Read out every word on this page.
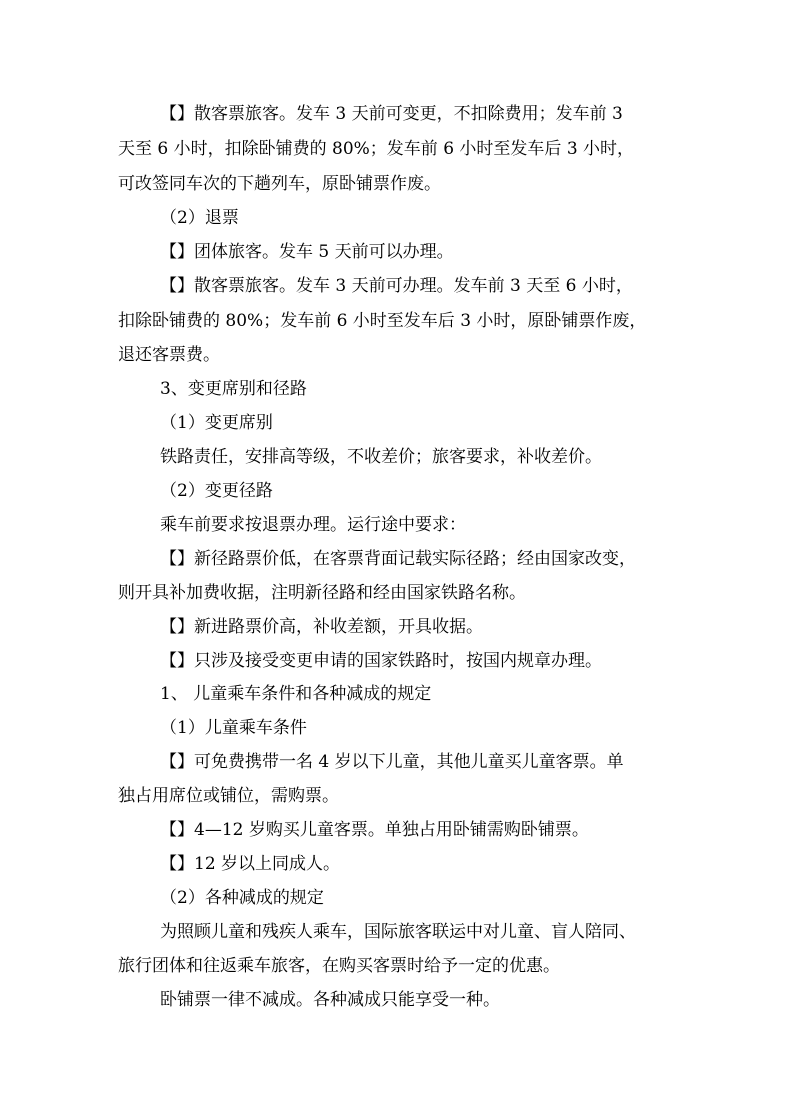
【】散客票旅客。发车 3 天前可变更，不扣除费用；发车前 3
天至 6 小时，扣除卧铺费的 80%；发车前 6 小时至发车后 3 小时，
可改签同车次的下趟列车，原卧铺票作废。
（2）退票
【】团体旅客。发车 5 天前可以办理。
【】散客票旅客。发车 3 天前可办理。发车前 3 天至 6 小时，
扣除卧铺费的 80%；发车前 6 小时至发车后 3 小时，原卧铺票作废，
退还客票费。
3、变更席别和径路
（1）变更席别
铁路责任，安排高等级，不收差价；旅客要求，补收差价。
（2）变更径路
乘车前要求按退票办理。运行途中要求：
【】新径路票价低，在客票背面记载实际径路；经由国家改变，
则开具补加费收据，注明新径路和经由国家铁路名称。
【】新进路票价高，补收差额，开具收据。
【】只涉及接受变更申请的国家铁路时，按国内规章办理。
1、 儿童乘车条件和各种减成的规定
（1）儿童乘车条件
【】可免费携带一名 4 岁以下儿童，其他儿童买儿童客票。单
独占用席位或铺位，需购票。
【】4—12 岁购买儿童客票。单独占用卧铺需购卧铺票。
【】12 岁以上同成人。
（2）各种减成的规定
为照顾儿童和残疾人乘车，国际旅客联运中对儿童、盲人陪同、
旅行团体和往返乘车旅客，在购买客票时给予一定的优惠。
卧铺票一律不减成。各种减成只能享受一种。
